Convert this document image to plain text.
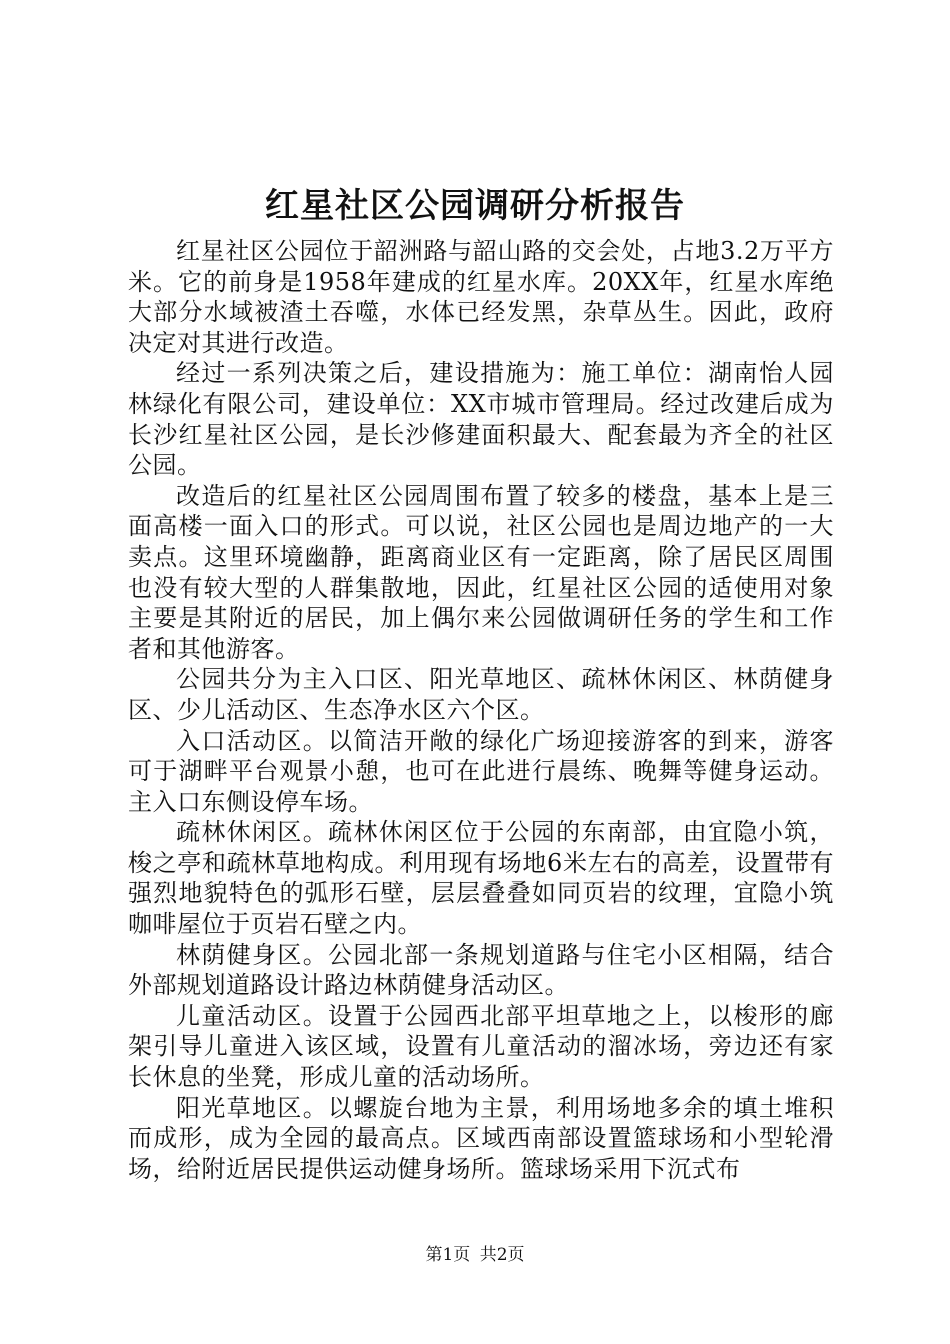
红星社区公园调研分析报告

红星社区公园位于韶洲路与韶山路的交会处，占地3.2万平方米。它的前身是1958年建成的红星水库。20XX年，红星水库绝大部分水域被渣土吞噬，水体已经发黑，杂草丛生。因此，政府决定对其进行改造。

经过一系列决策之后，建设措施为：施工单位：湖南怡人园林绿化有限公司，建设单位：XX市城市管理局。经过改建后成为长沙红星社区公园，是长沙修建面积最大、配套最为齐全的社区公园。

改造后的红星社区公园周围布置了较多的楼盘，基本上是三面高楼一面入口的形式。可以说，社区公园也是周边地产的一大卖点。这里环境幽静，距离商业区有一定距离，除了居民区周围也没有较大型的人群集散地，因此，红星社区公园的适使用对象主要是其附近的居民，加上偶尔来公园做调研任务的学生和工作者和其他游客。

公园共分为主入口区、阳光草地区、疏林休闲区、林荫健身区、少儿活动区、生态净水区六个区。

入口活动区。以简洁开敞的绿化广场迎接游客的到来，游客可于湖畔平台观景小憩，也可在此进行晨练、晚舞等健身运动。主入口东侧设停车场。

疏林休闲区。疏林休闲区位于公园的东南部，由宜隐小筑，梭之亭和疏林草地构成。利用现有场地6米左右的高差，设置带有强烈地貌特色的弧形石壁，层层叠叠如同页岩的纹理，宜隐小筑咖啡屋位于页岩石壁之内。

林荫健身区。公园北部一条规划道路与住宅小区相隔，结合外部规划道路设计路边林荫健身活动区。

儿童活动区。设置于公园西北部平坦草地之上，以梭形的廊架引导儿童进入该区域，设置有儿童活动的溜冰场，旁边还有家长休息的坐凳，形成儿童的活动场所。

阳光草地区。以螺旋台地为主景，利用场地多余的填土堆积而成形，成为全园的最高点。区域西南部设置篮球场和小型轮滑场，给附近居民提供运动健身场所。篮球场采用下沉式布

第1页 共2页
